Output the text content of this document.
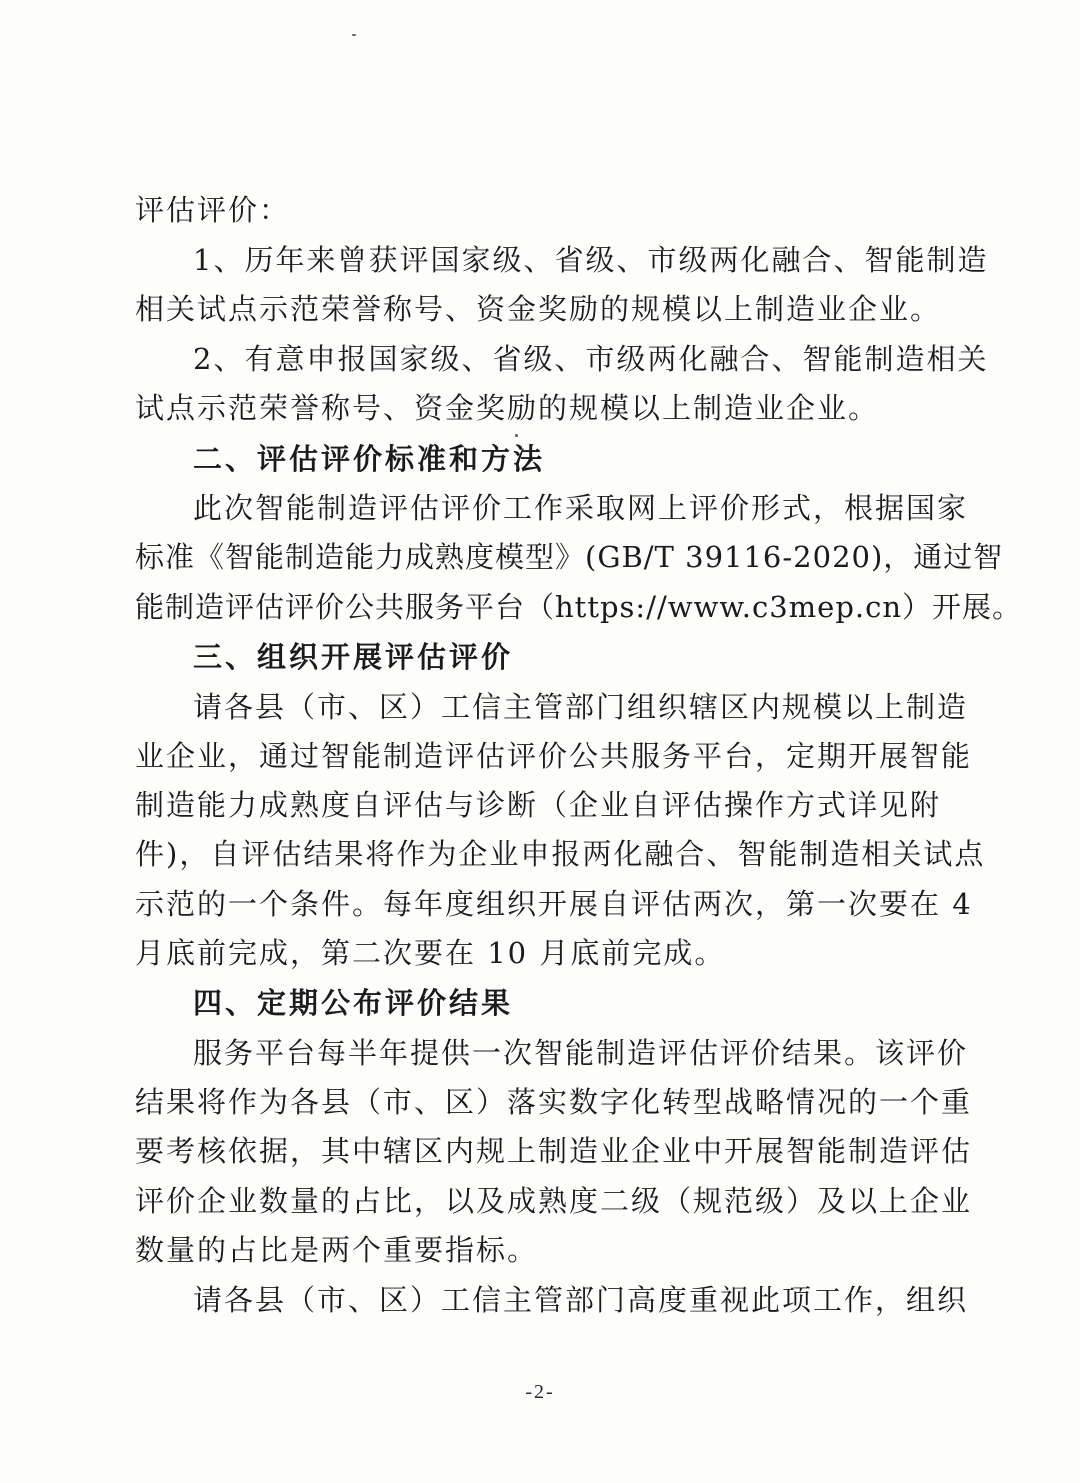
评估评价：
1、历年来曾获评国家级、省级、市级两化融合、智能制造
相关试点示范荣誉称号、资金奖励的规模以上制造业企业。
2、有意申报国家级、省级、市级两化融合、智能制造相关
试点示范荣誉称号、资金奖励的规模以上制造业企业。
二、评估评价标准和方法
此次智能制造评估评价工作采取网上评价形式，根据国家
标准《智能制造能力成熟度模型》(GB/T 39116-2020)，通过智
能制造评估评价公共服务平台（https://www.c3mep.cn）开展。
三、组织开展评估评价
请各县（市、区）工信主管部门组织辖区内规模以上制造
业企业，通过智能制造评估评价公共服务平台，定期开展智能
制造能力成熟度自评估与诊断（企业自评估操作方式详见附
件)，自评估结果将作为企业申报两化融合、智能制造相关试点
示范的一个条件。每年度组织开展自评估两次，第一次要在 4
月底前完成，第二次要在 10 月底前完成。
四、定期公布评价结果
服务平台每半年提供一次智能制造评估评价结果。该评价
结果将作为各县（市、区）落实数字化转型战略情况的一个重
要考核依据，其中辖区内规上制造业企业中开展智能制造评估
评价企业数量的占比，以及成熟度二级（规范级）及以上企业
数量的占比是两个重要指标。
请各县（市、区）工信主管部门高度重视此项工作，组织
-2-
